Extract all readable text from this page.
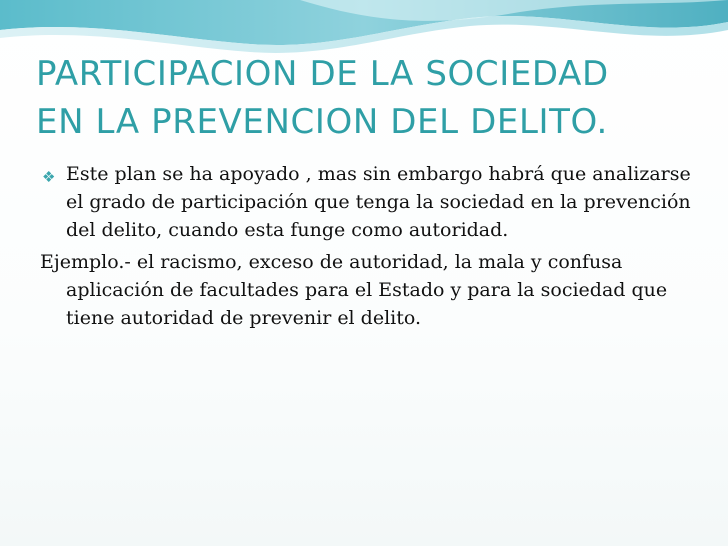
PARTICIPACION DE LA SOCIEDAD
EN LA PREVENCION DEL DELITO.

❖ Este plan se ha apoyado , mas sin embargo habrá que analizarse el grado de participación que tenga la sociedad en la prevención del delito, cuando esta funge como autoridad.

Ejemplo.- el racismo, exceso de autoridad, la mala y confusa aplicación de facultades para el Estado y para la sociedad que tiene autoridad de prevenir el delito.
